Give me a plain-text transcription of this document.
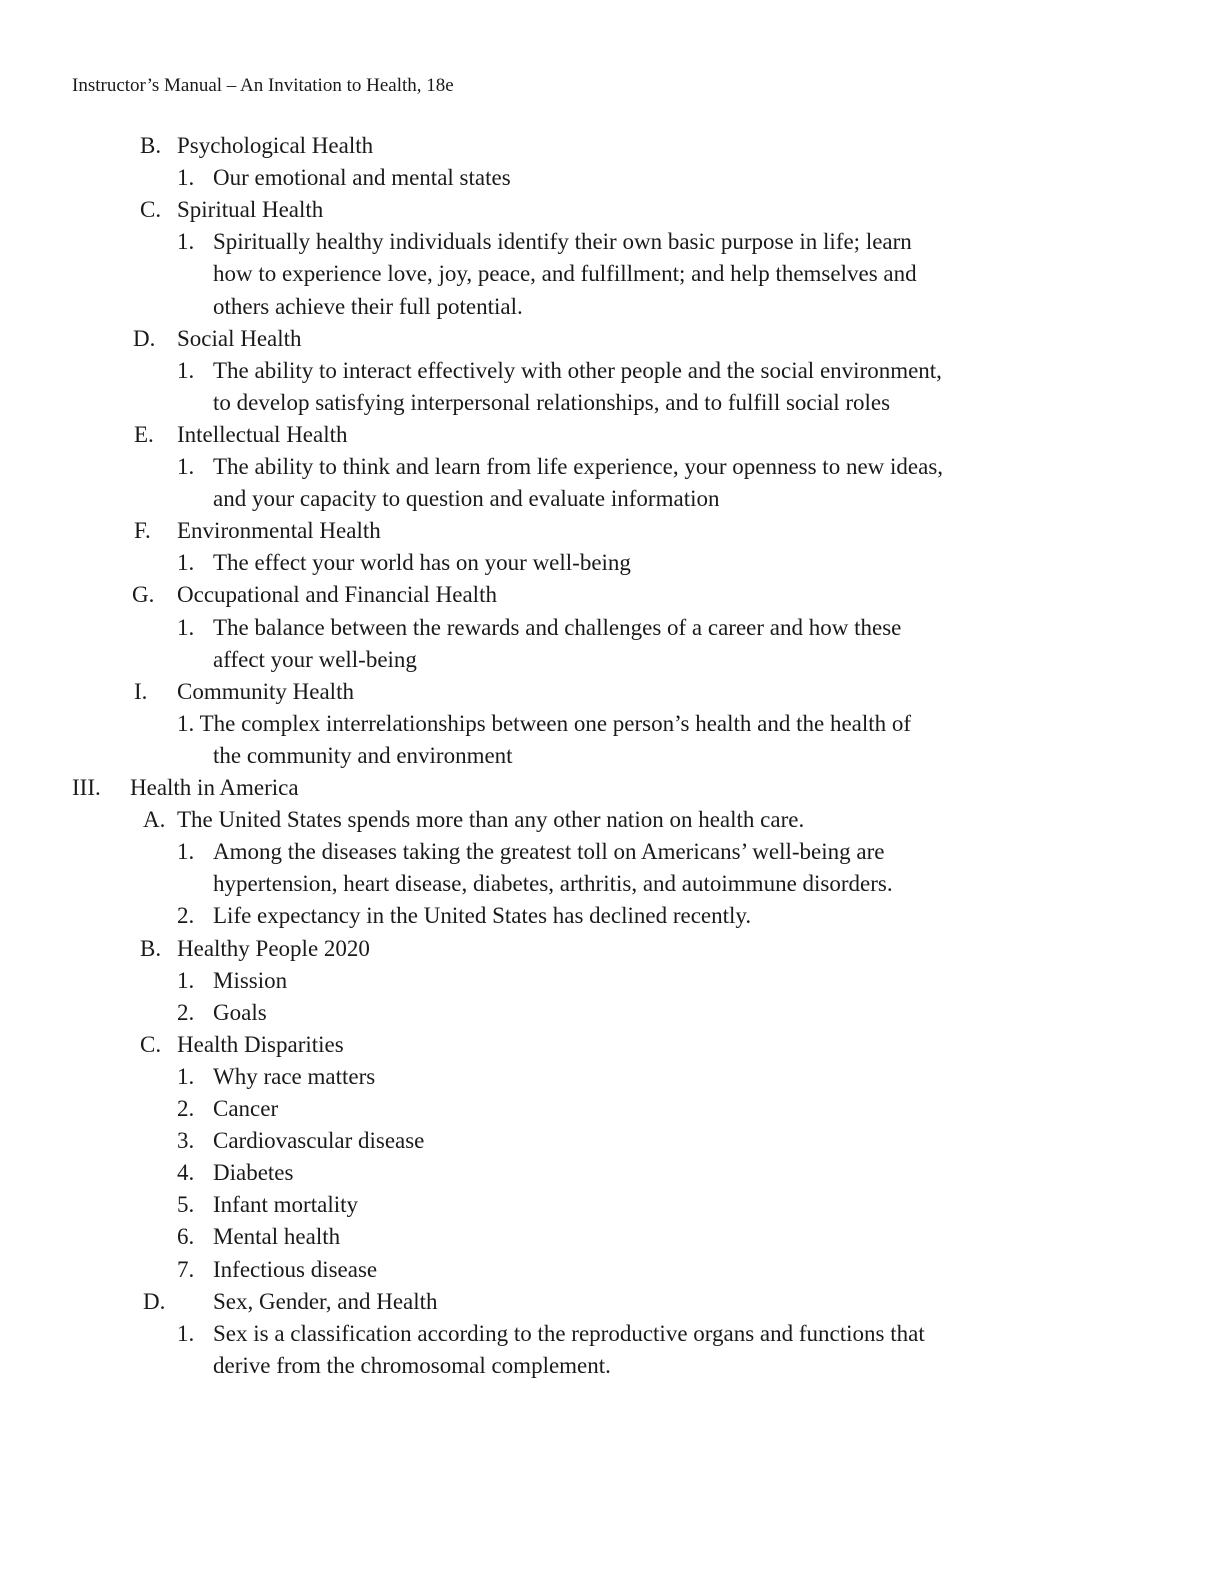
Instructor’s Manual – An Invitation to Health, 18e
B. Psychological Health
1. Our emotional and mental states
C. Spiritual Health
1. Spiritually healthy individuals identify their own basic purpose in life; learn
how to experience love, joy, peace, and fulfillment; and help themselves and
others achieve their full potential.
D. Social Health
1. The ability to interact effectively with other people and the social environment,
to develop satisfying interpersonal relationships, and to fulfill social roles
E. Intellectual Health
1. The ability to think and learn from life experience, your openness to new ideas,
and your capacity to question and evaluate information
F. Environmental Health
1. The effect your world has on your well-being
G. Occupational and Financial Health
1. The balance between the rewards and challenges of a career and how these
affect your well-being
I. Community Health
1. The complex interrelationships between one person’s health and the health of
the community and environment
III. Health in America
A. The United States spends more than any other nation on health care.
1. Among the diseases taking the greatest toll on Americans’ well-being are
hypertension, heart disease, diabetes, arthritis, and autoimmune disorders.
2. Life expectancy in the United States has declined recently.
B. Healthy People 2020
1. Mission
2. Goals
C. Health Disparities
1. Why race matters
2. Cancer
3. Cardiovascular disease
4. Diabetes
5. Infant mortality
6. Mental health
7. Infectious disease
D. Sex, Gender, and Health
1. Sex is a classification according to the reproductive organs and functions that
derive from the chromosomal complement.
